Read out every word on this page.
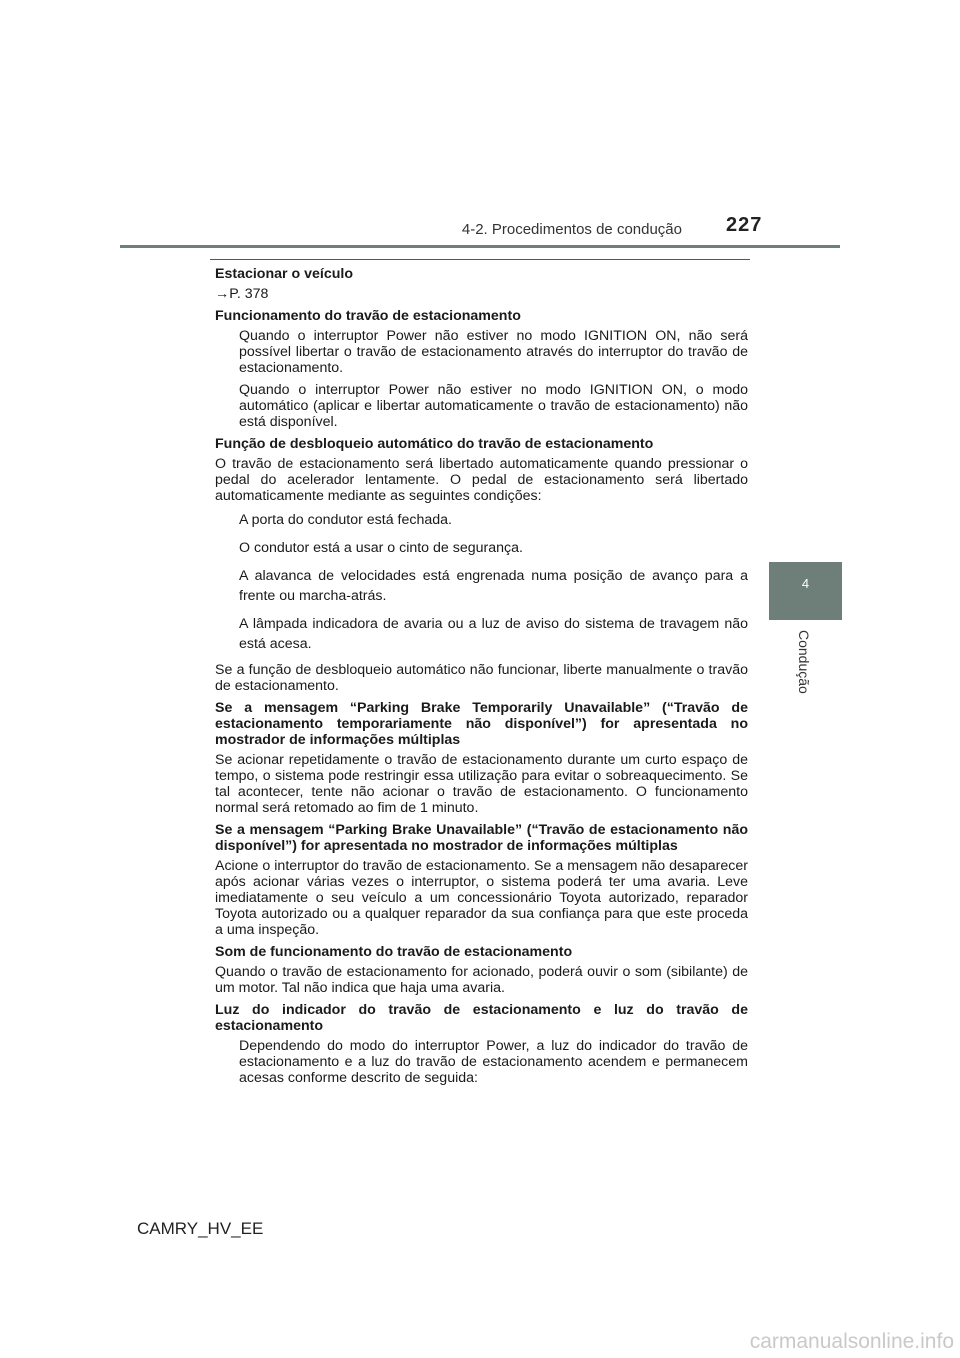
4-2. Procedimentos de condução 227
4
Condução

Estacionar o veículo

→P. 378

Funcionamento do travão de estacionamento

Quando o interruptor Power não estiver no modo IGNITION ON, não será possível libertar o travão de estacionamento através do interruptor do travão de estacionamento.

Quando o interruptor Power não estiver no modo IGNITION ON, o modo automático (aplicar e libertar automaticamente o travão de estacionamento) não está disponível.

Função de desbloqueio automático do travão de estacionamento

O travão de estacionamento será libertado automaticamente quando pressionar o pedal do acelerador lentamente. O pedal de estacionamento será libertado automaticamente mediante as seguintes condições:

A porta do condutor está fechada.

O condutor está a usar o cinto de segurança.

A alavanca de velocidades está engrenada numa posição de avanço para a frente ou marcha-atrás.

A lâmpada indicadora de avaria ou a luz de aviso do sistema de travagem não está acesa.

Se a função de desbloqueio automático não funcionar, liberte manualmente o travão de estacionamento.

Se a mensagem “Parking Brake Temporarily Unavailable” (“Travão de estacionamento temporariamente não disponível”) for apresentada no mostrador de informações múltiplas

Se acionar repetidamente o travão de estacionamento durante um curto espaço de tempo, o sistema pode restringir essa utilização para evitar o sobreaquecimento. Se tal acontecer, tente não acionar o travão de estacionamento. O funcionamento normal será retomado ao fim de 1 minuto.

Se a mensagem “Parking Brake Unavailable” (“Travão de estacionamento não disponível”) for apresentada no mostrador de informações múltiplas

Acione o interruptor do travão de estacionamento. Se a mensagem não desaparecer após acionar várias vezes o interruptor, o sistema poderá ter uma avaria. Leve imediatamente o seu veículo a um concessionário Toyota autorizado, reparador Toyota autorizado ou a qualquer reparador da sua confiança para que este proceda a uma inspeção.

Som de funcionamento do travão de estacionamento

Quando o travão de estacionamento for acionado, poderá ouvir o som (sibilante) de um motor. Tal não indica que haja uma avaria.

Luz do indicador do travão de estacionamento e luz do travão de estacionamento

Dependendo do modo do interruptor Power, a luz do indicador do travão de estacionamento e a luz do travão de estacionamento acendem e permanecem acesas conforme descrito de seguida:

CAMRY_HV_EE
carmanualsonline.info
